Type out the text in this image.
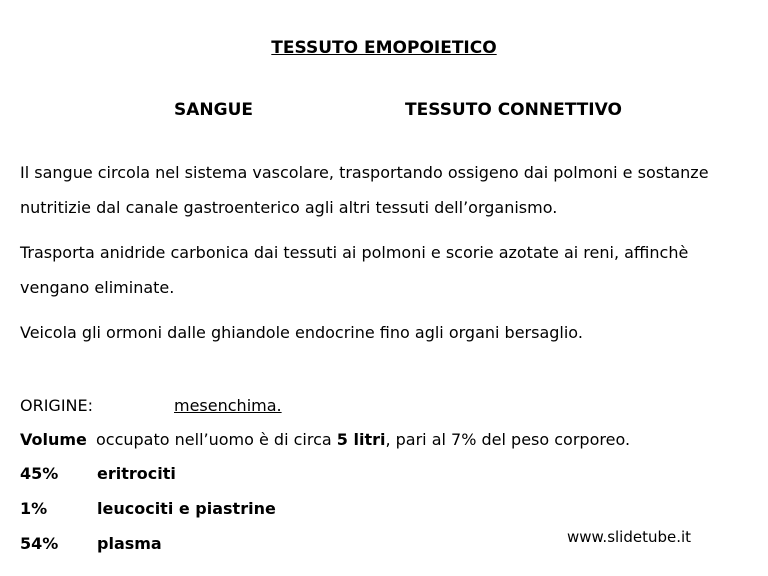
TESSUTO EMOPOIETICO
SANGUE	TESSUTO CONNETTIVO
Il sangue circola nel sistema vascolare, trasportando ossigeno dai polmoni e sostanze nutritizie dal canale gastroenterico agli altri tessuti dell’organismo.
Trasporta anidride carbonica dai tessuti ai polmoni e scorie azotate ai reni, affinchè vengano eliminate.
Veicola gli ormoni dalle ghiandole endocrine fino agli organi bersaglio.
ORIGINE:	mesenchima.
Volume occupato nell’uomo è di circa 5 litri, pari al 7% del peso corporeo.
45% eritrociti
1%	leucociti e piastrine
54% plasma	www.slidetube.it
